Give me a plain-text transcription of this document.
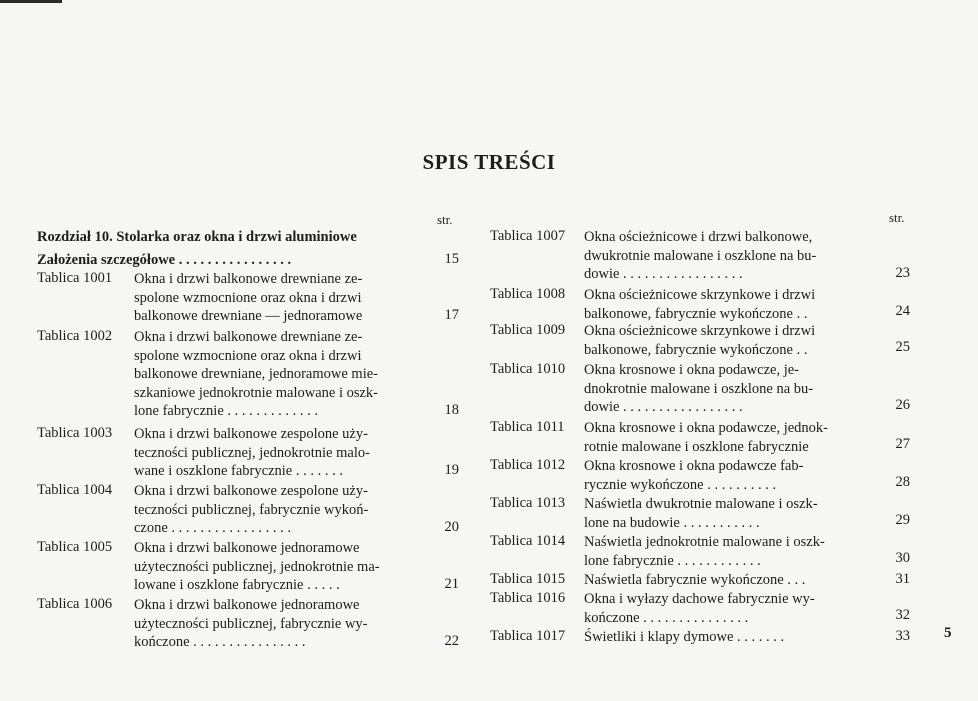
SPIS TREŚCI
str.	str.
Rozdział 10. Stolarka oraz okna i drzwi aluminiowe
Założenia szczegółowe . . . . . . . . . . . . . . . .	15
Tablica 1001 Okna i drzwi balkonowe drewniane ze-
spolone wzmocnione oraz okna i drzwi
balkonowe drewniane — jednoramowe	17
Tablica 1002 Okna i drzwi balkonowe drewniane ze-
spolone wzmocnione oraz okna i drzwi
balkonowe drewniane, jednoramowe mie-
szkaniowe jednokrotnie malowane i oszk-
lone fabrycznie . . . . . . . . . . . . .	18
Tablica 1003 Okna i drzwi balkonowe zespolone uży-
teczności publicznej, jednokrotnie malo-
wane i oszklone fabrycznie . . . . . . .	19
Tablica 1004 Okna i drzwi balkonowe zespolone uży-
teczności publicznej, fabrycznie wykoń-
czone . . . . . . . . . . . . . . . . .	20
Tablica 1005 Okna i drzwi balkonowe jednoramowe
użyteczności publicznej, jednokrotnie ma-
lowane i oszklone fabrycznie . . . . .	21
Tablica 1006 Okna i drzwi balkonowe jednoramowe
użyteczności publicznej, fabrycznie wy-
kończone . . . . . . . . . . . . . . . .	22
Tablica 1007 Okna ościeżnicowe i drzwi balkonowe,
dwukrotnie malowane i oszklone na bu-
dowie . . . . . . . . . . . . . . . . .	23
Tablica 1008 Okna ościeżnicowe skrzynkowe i drzwi
balkonowe, fabrycznie wykończone . .	24
Tablica 1009 Okna ościeżnicowe skrzynkowe i drzwi
balkonowe, fabrycznie wykończone . .	25
Tablica 1010 Okna krosnowe i okna podawcze, je-
dnokrotnie malowane i oszklone na bu-
dowie . . . . . . . . . . . . . . . . .	26
Tablica 1011 Okna krosnowe i okna podawcze, jednok-
rotnie malowane i oszklone fabrycznie	27
Tablica 1012 Okna krosnowe i okna podawcze fab-
rycznie wykończone . . . . . . . . . .	28
Tablica 1013 Naświetla dwukrotnie malowane i oszk-
lone na budowie . . . . . . . . . . .	29
Tablica 1014 Naświetla jednokrotnie malowane i oszk-
lone fabrycznie . . . . . . . . . . . .	30
Tablica 1015 Naświetla fabrycznie wykończone . . .	31
Tablica 1016 Okna i wyłazy dachowe fabrycznie wy-
kończone . . . . . . . . . . . . . . .	32
Tablica 1017 Świetliki i klapy dymowe . . . . . . .	33 5
